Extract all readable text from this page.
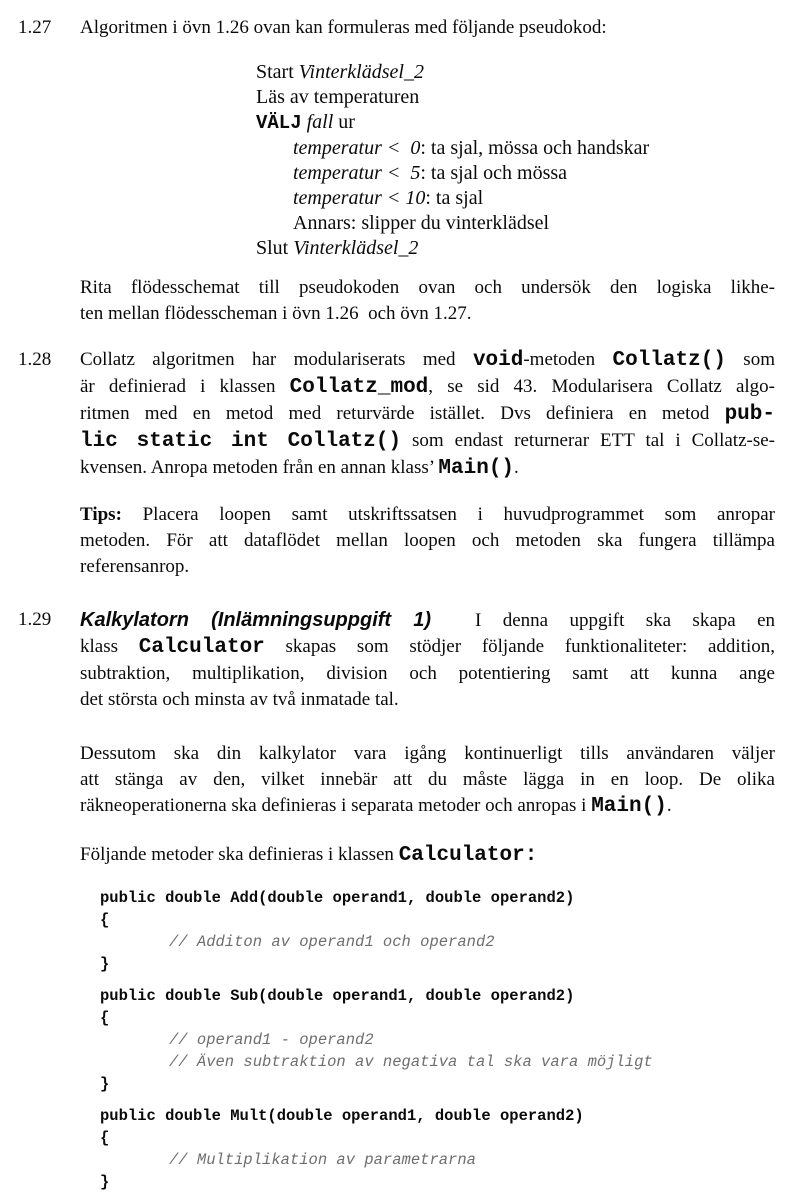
1.27	Algoritmen i övn 1.26 ovan kan formuleras med följande pseudokod:
Start Vinterklädsel_2
Läs av temperaturen
VÄLJ fall ur
temperatur <  0: ta sjal, mössa och handskar
temperatur <  5: ta sjal och mössa
temperatur < 10: ta sjal
Annars: slipper du vinterklädsel
Slut Vinterklädsel_2
Rita flödesschemat till pseudokoden ovan och undersök den logiska likhe-
ten mellan flödesscheman i övn 1.26  och övn 1.27.
1.28	Collatz algoritmen har modulariserats med void-metoden Collatz() som
är definierad i klassen Collatz_mod, se sid 43. Modularisera Collatz algo-
ritmen med en metod med returvärde istället. Dvs definiera en metod pub-
lic static int Collatz() som endast returnerar ETT tal i Collatz-se-
kvensen. Anropa metoden från en annan klass’ Main().
Tips: Placera loopen samt utskriftssatsen i huvudprogrammet som anropar
metoden. För att dataflödet mellan loopen och metoden ska fungera tillämpa
referensanrop.
1.29	Kalkylatorn (Inlämningsuppgift 1) I denna uppgift ska skapa en
klass Calculator skapas som stödjer följande funktionaliteter: addition,
subtraktion, multiplikation, division och potentiering samt att kunna ange
det största och minsta av två inmatade tal.
Dessutom ska din kalkylator vara igång kontinuerligt tills användaren väljer
att stänga av den, vilket innebär att du måste lägga in en loop. De olika
räkneoperationerna ska definieras i separata metoder och anropas i Main().
Följande metoder ska definieras i klassen Calculator:
public double Add(double operand1, double operand2)
{
// Additon av operand1 och operand2
}
public double Sub(double operand1, double operand2)
{
// operand1 - operand2
// Även subtraktion av negativa tal ska vara möjligt
}
public double Mult(double operand1, double operand2)
{
// Multiplikation av parametrarna
}
